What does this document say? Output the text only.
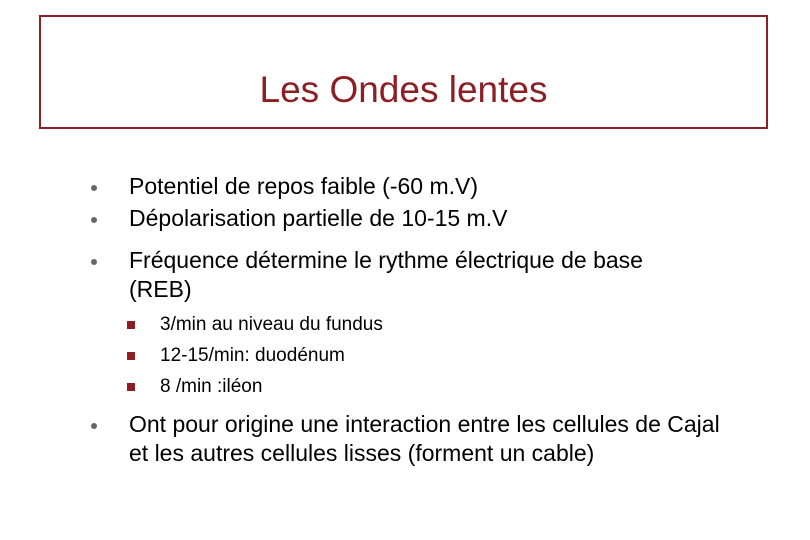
Les Ondes lentes
Potentiel de repos faible (-60 m.V)
Dépolarisation partielle de 10-15 m.V
Fréquence détermine le rythme électrique de base (REB)
3/min au niveau du fundus
12-15/min: duodénum
8 /min :iléon
Ont pour origine une interaction entre les cellules de Cajal et les autres cellules lisses (forment un cable)
